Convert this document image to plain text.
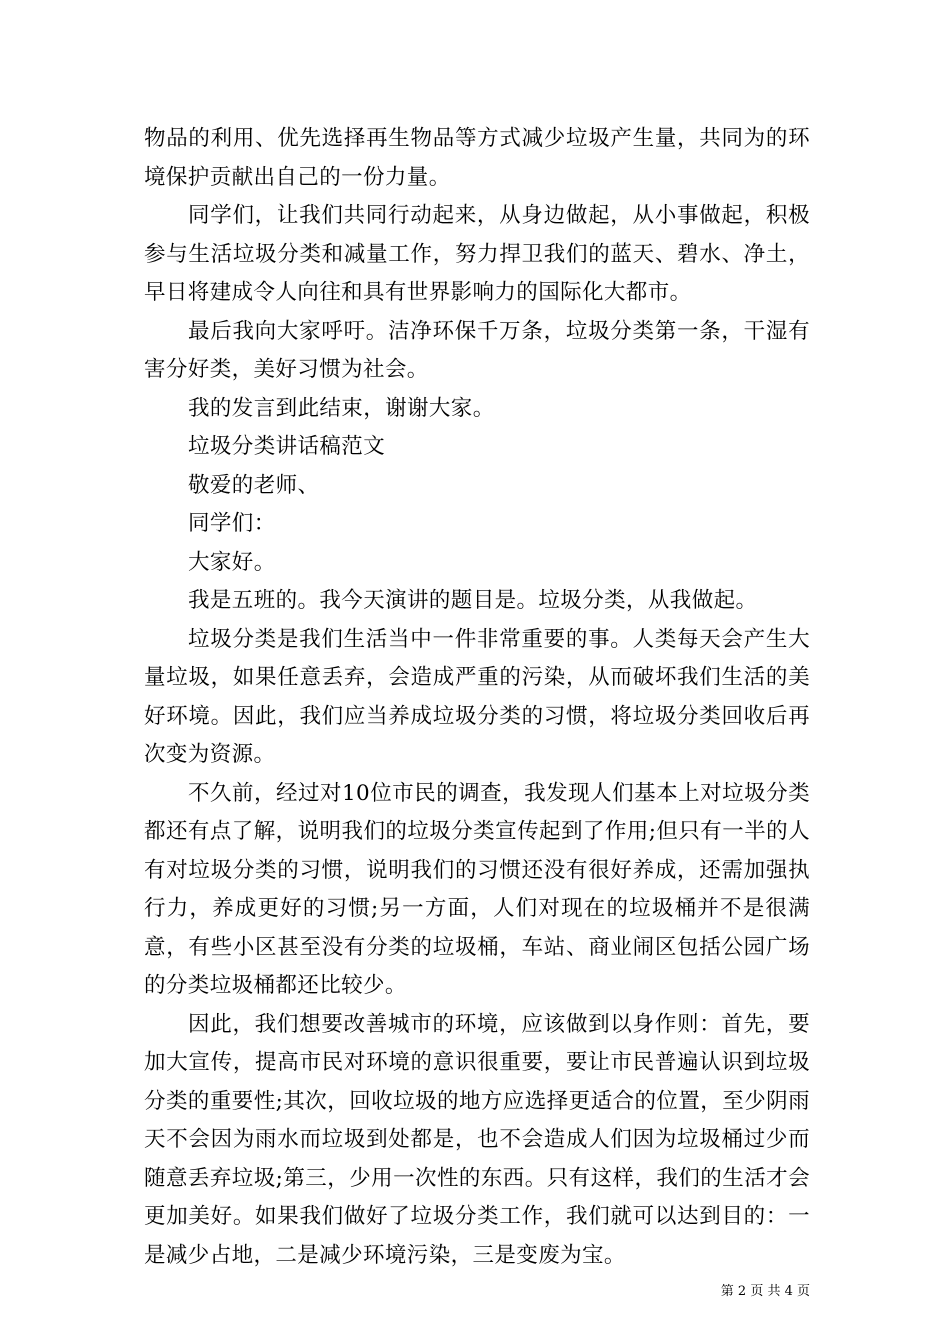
物品的利用、优先选择再生物品等方式减少垃圾产生量，共同为的环境保护贡献出自己的一份力量。

同学们，让我们共同行动起来，从身边做起，从小事做起，积极参与生活垃圾分类和减量工作，努力捍卫我们的蓝天、碧水、净土，早日将建成令人向往和具有世界影响力的国际化大都市。

最后我向大家呼吁。洁净环保千万条，垃圾分类第一条，干湿有害分好类，美好习惯为社会。

我的发言到此结束，谢谢大家。

垃圾分类讲话稿范文

敬爱的老师、

同学们：

大家好。

我是五班的。我今天演讲的题目是。垃圾分类，从我做起。

垃圾分类是我们生活当中一件非常重要的事。人类每天会产生大量垃圾，如果任意丢弃，会造成严重的污染，从而破坏我们生活的美好环境。因此，我们应当养成垃圾分类的习惯，将垃圾分类回收后再次变为资源。

不久前，经过对10位市民的调查，我发现人们基本上对垃圾分类都还有点了解，说明我们的垃圾分类宣传起到了作用;但只有一半的人有对垃圾分类的习惯，说明我们的习惯还没有很好养成，还需加强执行力，养成更好的习惯;另一方面，人们对现在的垃圾桶并不是很满意，有些小区甚至没有分类的垃圾桶，车站、商业闹区包括公园广场的分类垃圾桶都还比较少。

因此，我们想要改善城市的环境，应该做到以身作则：首先，要加大宣传，提高市民对环境的意识很重要，要让市民普遍认识到垃圾分类的重要性;其次，回收垃圾的地方应选择更适合的位置，至少阴雨天不会因为雨水而垃圾到处都是，也不会造成人们因为垃圾桶过少而随意丢弃垃圾;第三，少用一次性的东西。只有这样，我们的生活才会更加美好。如果我们做好了垃圾分类工作，我们就可以达到目的：一是减少占地，二是减少环境污染，三是变废为宝。

第 2 页 共 4 页
